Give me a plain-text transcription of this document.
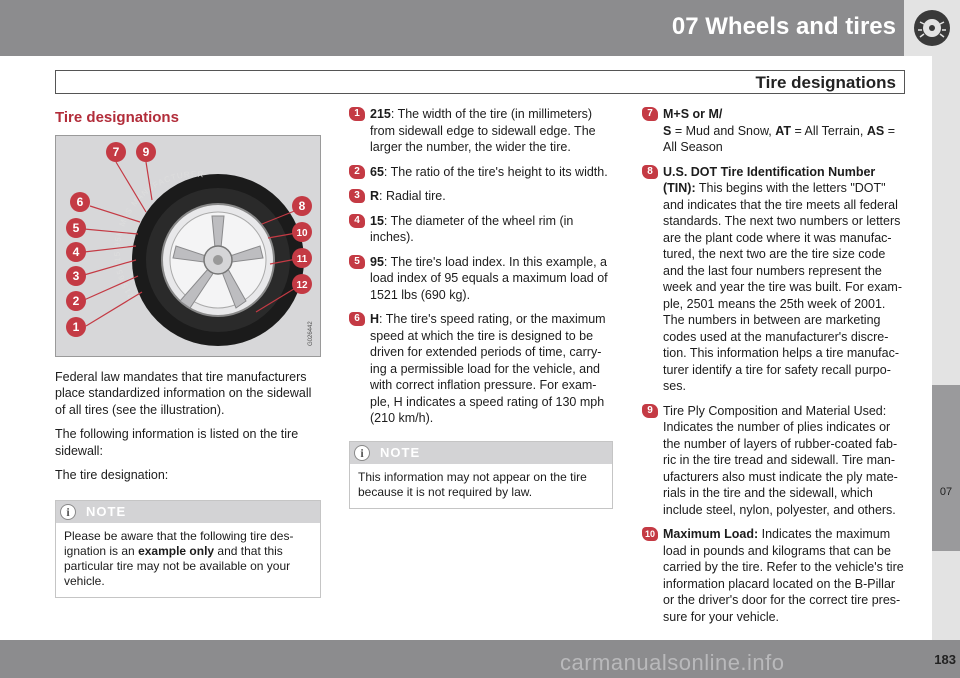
07 Wheels and tires
Tire designations
07
Tire designations
215/65R15 95H M+S MANUFACTURER
7 9
6
5
4
3
2
1
8
10
11
12
G026442
Federal law mandates that tire manufacturers place standardized information on the sidewall of all tires (see the illustration).
The following information is listed on the tire sidewall:
The tire designation:
i	NOTE
Please be aware that the following tire des-ignation is an example only and that this particular tire may not be available on your vehicle.
1 215: The width of the tire (in millimeters) from sidewall edge to sidewall edge. The larger the number, the wider the tire.
2 65: The ratio of the tire's height to its width.
3 R: Radial tire.
4 15: The diameter of the wheel rim (in inches).
5 95: The tire's load index. In this example, a load index of 95 equals a maximum load of 1521 lbs (690 kg).
6 H: The tire's speed rating, or the maximum speed at which the tire is designed to be driven for extended periods of time, carry-ing a permissible load for the vehicle, and with correct inflation pressure. For exam-ple, H indicates a speed rating of 130 mph (210 km/h).
i	NOTE
This information may not appear on the tire because it is not required by law.
7 M+S or M/
S = Mud and Snow, AT = All Terrain, AS = All Season
8 U.S. DOT Tire Identification Number (TIN): This begins with the letters "DOT" and indicates that the tire meets all federal standards. The next two numbers or letters are the plant code where it was manufac-tured, the next two are the tire size code and the last four numbers represent the week and year the tire was built. For exam-ple, 2501 means the 25th week of 2001. The numbers in between are marketing codes used at the manufacturer's discre-tion. This information helps a tire manufac-turer identify a tire for safety recall purpo-ses.
9 Tire Ply Composition and Material Used: Indicates the number of plies indicates or the number of layers of rubber-coated fab-ric in the tire tread and sidewall. Tire man-ufacturers also must indicate the ply mate-rials in the tire and the sidewall, which include steel, nylon, polyester, and others.
10 Maximum Load: Indicates the maximum load in pounds and kilograms that can be carried by the tire. Refer to the vehicle's tire information placard located on the B-Pillar or the driver's door for the correct tire pres-sure for your vehicle.
183
carmanualsonline.info
